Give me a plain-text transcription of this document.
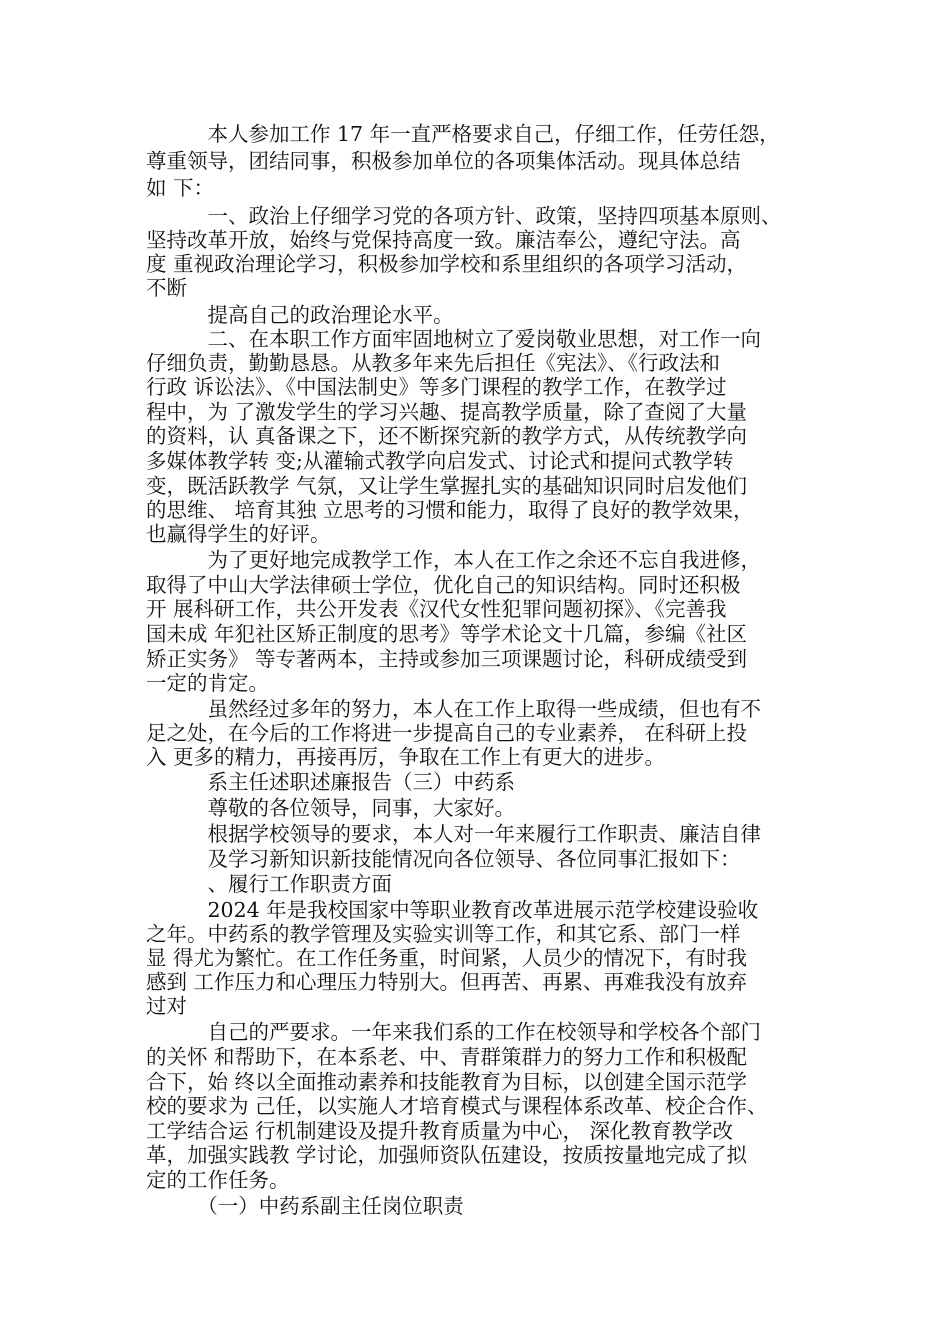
　　　本人参加工作 17 年一直严格要求自己，仔细工作，任劳任怨，
尊重领导，团结同事，积极参加单位的各项集体活动。现具体总结
如 下：
　　　一、政治上仔细学习党的各项方针、政策，坚持四项基本原则、
坚持改革开放，始终与党保持高度一致。廉洁奉公，遵纪守法。高
度 重视政治理论学习，积极参加学校和系里组织的各项学习活动，
不断
　　　提高自己的政治理论水平。
　　　二、在本职工作方面牢固地树立了爱岗敬业思想，对工作一向
仔细负责，勤勤恳恳。从教多年来先后担任《宪法》、《行政法和
行政 诉讼法》、《中国法制史》等多门课程的教学工作，在教学过
程中，为 了激发学生的学习兴趣、提高教学质量，除了查阅了大量
的资料，认 真备课之下，还不断探究新的教学方式，从传统教学向
多媒体教学转 变;从灌输式教学向启发式、讨论式和提问式教学转
变，既活跃教学 气氛，又让学生掌握扎实的基础知识同时启发他们
的思维、 培育其独 立思考的习惯和能力，取得了良好的教学效果，
也赢得学生的好评。
　　　为了更好地完成教学工作，本人在工作之余还不忘自我进修，
取得了中山大学法律硕士学位，优化自己的知识结构。同时还积极
开 展科研工作，共公开发表《汉代女性犯罪问题初探》、《完善我
国未成 年犯社区矫正制度的思考》等学术论文十几篇，参编《社区
矫正实务》 等专著两本，主持或参加三项课题讨论，科研成绩受到
一定的肯定。
　　　虽然经过多年的努力，本人在工作上取得一些成绩，但也有不
足之处，在今后的工作将进一步提高自己的专业素养， 在科研上投
入 更多的精力，再接再厉，争取在工作上有更大的进步。
　　　系主任述职述廉报告（三）中药系
　　　尊敬的各位领导，同事，大家好。
　　　根据学校领导的要求，本人对一年来履行工作职责、廉洁自律
　　　及学习新知识新技能情况向各位领导、各位同事汇报如下：
　　　、履行工作职责方面
　　　2024 年是我校国家中等职业教育改革进展示范学校建设验收
之年。中药系的教学管理及实验实训等工作，和其它系、部门一样
显 得尤为繁忙。在工作任务重，时间紧，人员少的情况下，有时我
感到 工作压力和心理压力特别大。但再苦、再累、再难我没有放弃
过对
　　　自己的严要求。一年来我们系的工作在校领导和学校各个部门
的关怀 和帮助下，在本系老、中、青群策群力的努力工作和积极配
合下，始 终以全面推动素养和技能教育为目标，以创建全国示范学
校的要求为 己任，以实施人才培育模式与课程体系改革、校企合作、
工学结合运 行机制建设及提升教育质量为中心， 深化教育教学改
革，加强实践教 学讨论，加强师资队伍建设，按质按量地完成了拟
定的工作任务。
　　　（一）中药系副主任岗位职责
